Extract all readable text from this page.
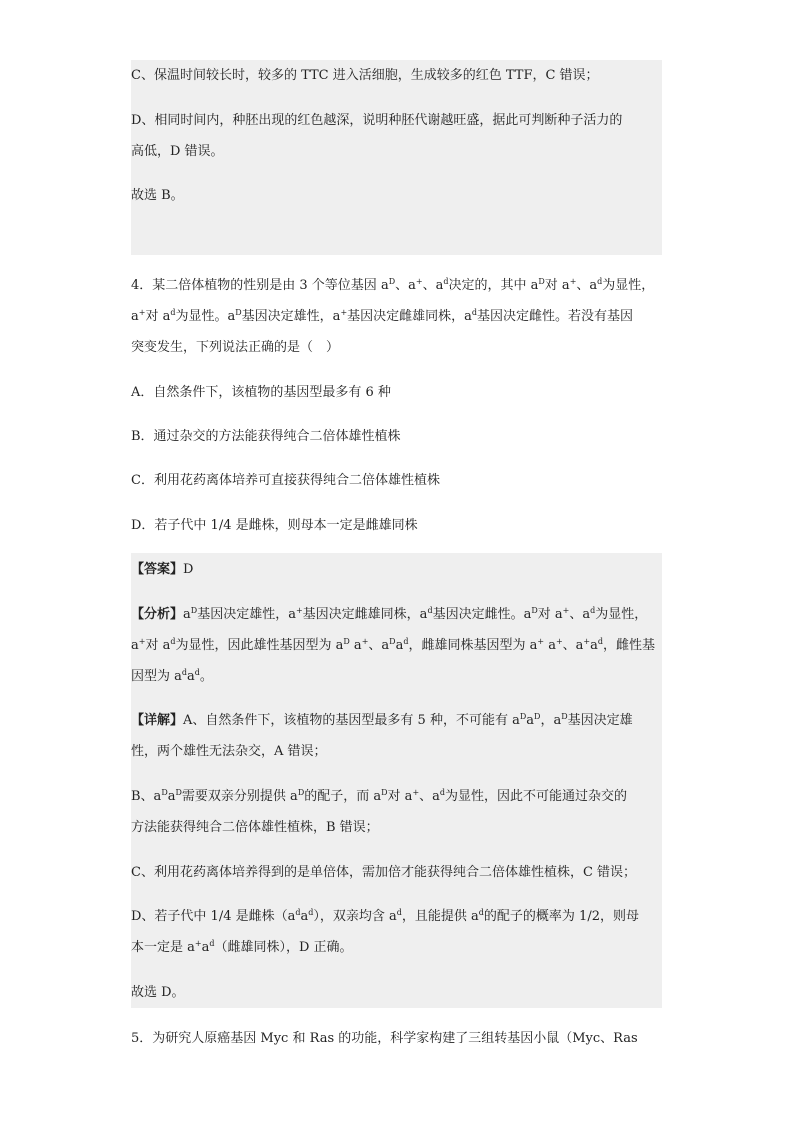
C、保温时间较长时，较多的 TTC 进入活细胞，生成较多的红色 TTF，C 错误；
D、相同时间内，种胚出现的红色越深，说明种胚代谢越旺盛，据此可判断种子活力的
高低，D 错误。
故选 B。
4．某二倍体植物的性别是由 3 个等位基因 $a^D$、a+、$a^d$决定的，其中 $a^D$对 a+、$a^d$为显性，
a+对 $a^d$为显性。$a^D$基因决定雄性，a+基因决定雌雄同株，$a^d$基因决定雌性。若没有基因
突变发生，下列说法正确的是（　）
A．自然条件下，该植物的基因型最多有 6 种
B．通过杂交的方法能获得纯合二倍体雄性植株
C．利用花药离体培养可直接获得纯合二倍体雄性植株
D．若子代中 1/4 是雌株，则母本一定是雌雄同株
【答案】D
【分析】$a^D$基因决定雄性，a+基因决定雌雄同株，$a^d$基因决定雌性。$a^D$对 a+、$a^d$为显性，
a+对 $a^d$为显性，因此雄性基因型为 $a^D$ a+、$a^Da^d$，雌雄同株基因型为 a+ a+、$a^+a^d$，雌性基
因型为 $a^da^d$。
【详解】A、自然条件下，该植物的基因型最多有 5 种，不可能有 $a^Da^D$，$a^D$基因决定雄
性，两个雄性无法杂交，A 错误；
B、$a^Da^D$需要双亲分别提供 $a^D$的配子，而 $a^D$对 a+、$a^d$为显性，因此不可能通过杂交的
方法能获得纯合二倍体雄性植株，B 错误；
C、利用花药离体培养得到的是单倍体，需加倍才能获得纯合二倍体雄性植株，C 错误；
D、若子代中 1/4 是雌株$(a^da^d)$，双亲均含 $a^d$，且能提供 $a^d$的配子的概率为 1/2，则母
本一定是 $a^+a^d$（雌雄同株），D 正确。
故选 D。
5．为研究人原癌基因 Myc 和 Ras 的功能，科学家构建了三组转基因小鼠（Myc、Ras
